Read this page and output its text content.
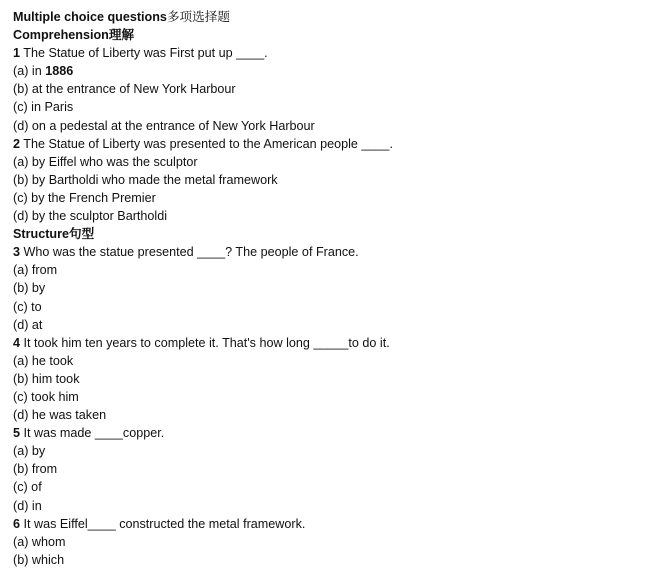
Multiple choice questions多项选择题
Comprehension理解
1 The Statue of Liberty was First put up ____.
(a) in 1886
(b) at the entrance of New York Harbour
(c) in Paris
(d) on a pedestal at the entrance of New York Harbour
2 The Statue of Liberty was presented to the American people ____.
(a) by Eiffel who was the sculptor
(b) by Bartholdi who made the metal framework
(c) by the French Premier
(d) by the sculptor Bartholdi
Structure句型
3 Who was the statue presented ____? The people of France.
(a) from
(b) by
(c) to
(d) at
4 It took him ten years to complete it. That's how long _____to do it.
(a) he took
(b) him took
(c) took him
(d) he was taken
5 It was made ____copper.
(a) by
(b) from
(c) of
(d) in
6 It was Eiffel____ constructed the metal framework.
(a) whom
(b) which
